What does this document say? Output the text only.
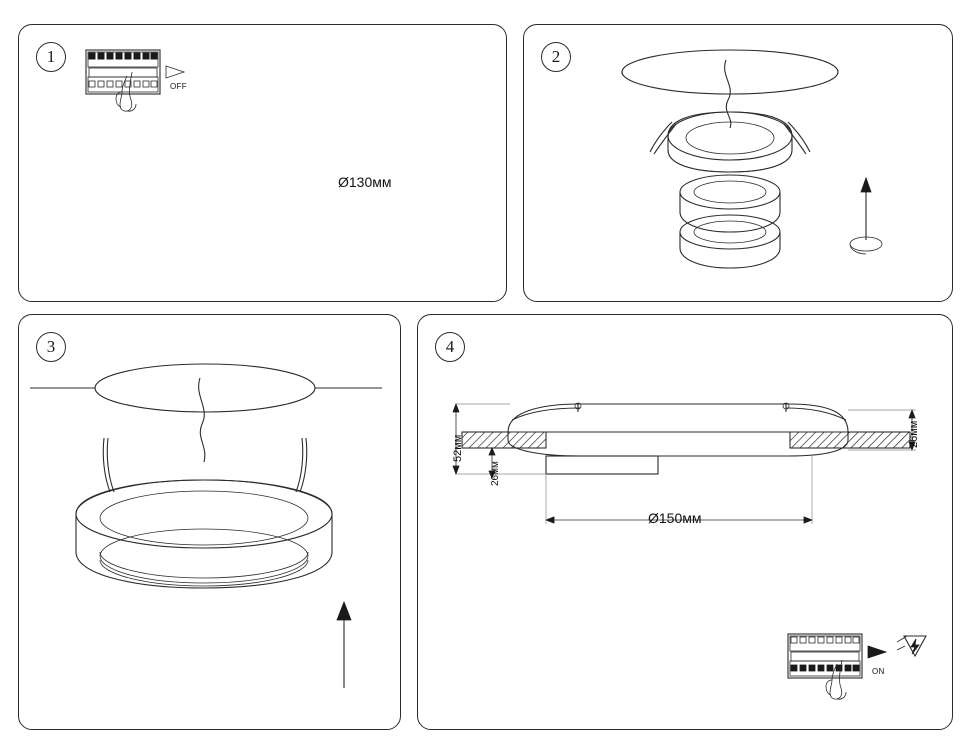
1
OFF
Ø130мм
2
3	4
52мм
26мм
26мм
Ø150мм
ON
